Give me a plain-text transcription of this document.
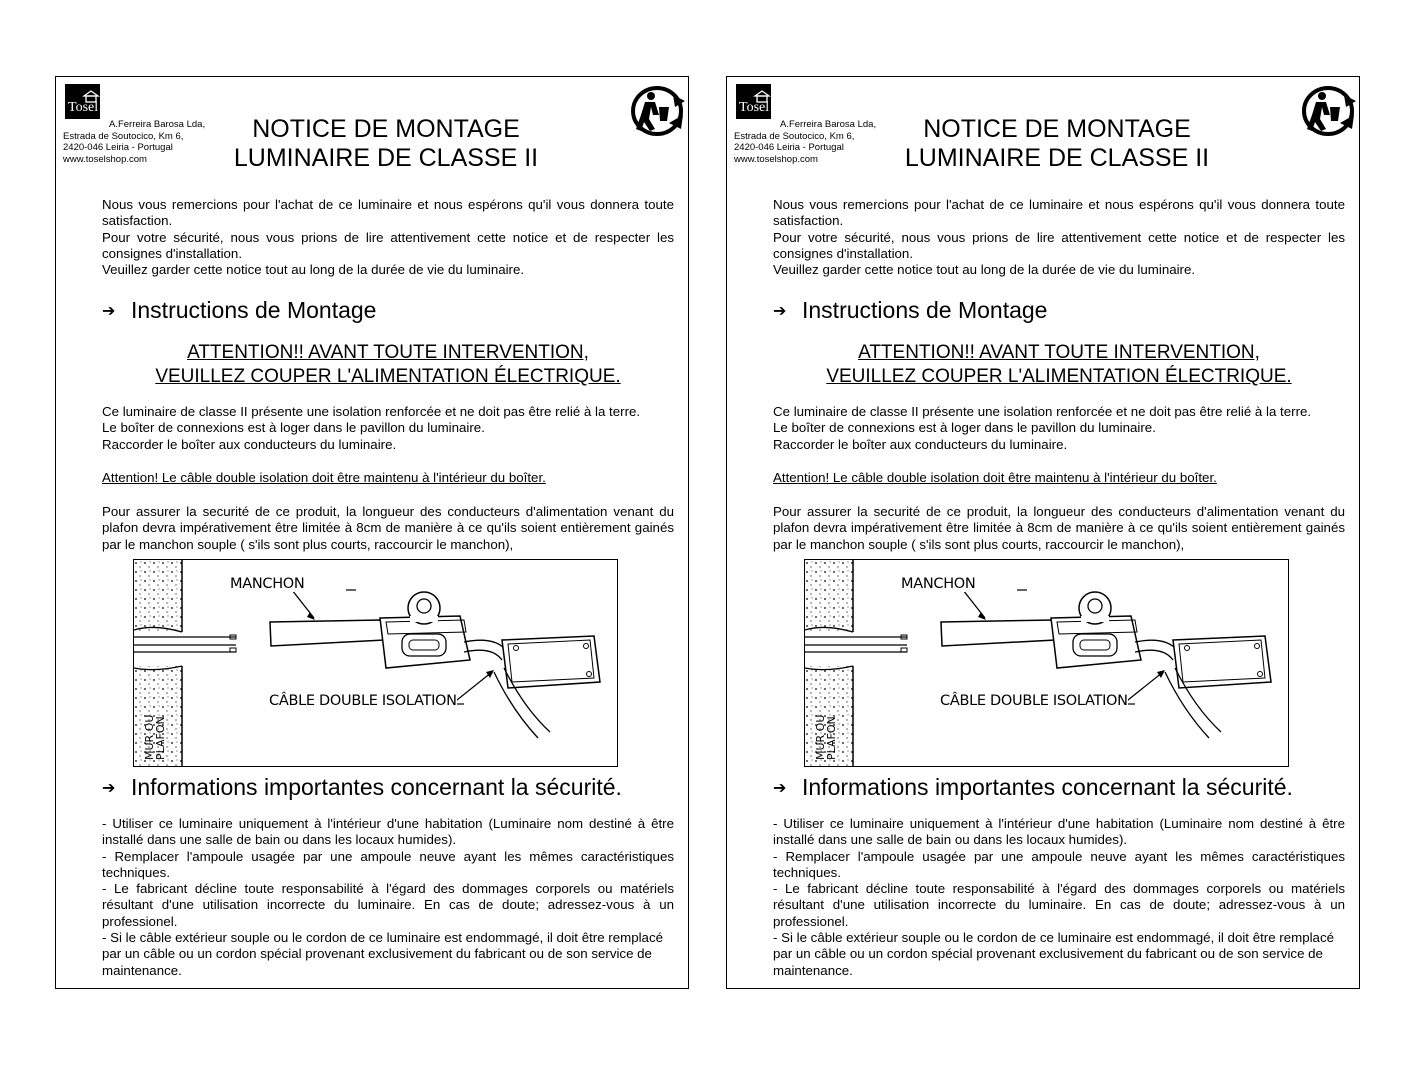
Tosel
A.Ferreira Barosa Lda,
Estrada de Soutocico, Km 6,
2420-046 Leiria - Portugal
www.toselshop.com
NOTICE DE MONTAGE
LUMINAIRE DE CLASSE II
Nous vous remercions pour l'achat de ce luminaire et nous espérons qu'il vous donnera toute satisfaction.
Pour votre sécurité, nous vous prions de lire attentivement cette notice et de respecter les consignes d'installation.
Veuillez garder cette notice tout au long de la durée de vie du luminaire.
➔ Instructions de Montage
ATTENTION!! AVANT TOUTE INTERVENTION,
VEUILLEZ COUPER L'ALIMENTATION ÉLECTRIQUE.
Ce luminaire de classe II présente une isolation renforcée et ne doit pas être relié à la terre.
Le boîter de connexions est à loger dans le pavillon du luminaire.
Raccorder le boîter aux conducteurs du luminaire.
Attention! Le câble double isolation doit être maintenu à l'intérieur du boîter.
Pour assurer la securité de ce produit, la longueur des conducteurs d'alimentation venant du plafon devra impérativement être limitée à 8cm de manière à ce qu'ils soient entièrement gainés par le manchon souple ( s'ils sont plus courts, raccourcir le manchon),
MANCHON
CÂBLE DOUBLE ISOLATION
MUR OU
PLAFON
➔ Informations importantes concernant la sécurité.

- Utiliser ce luminaire uniquement à l'intérieur d'une habitation (Luminaire nom destiné à être installé dans une salle de bain ou dans les locaux humides).

- Remplacer l'ampoule usagée par une ampoule neuve ayant les mêmes caractéristiques techniques.

- Le fabricant décline toute responsabilité à l'égard des dommages corporels ou matériels résultant d'une utilisation incorrecte du luminaire. En cas de doute; adressez-vous à un professionel.

- Si le câble extérieur souple ou le cordon de ce luminaire est endommagé, il doit être remplacé par un câble ou un cordon spécial provenant exclusivement du fabricant ou de son service de maintenance.

Tosel
A.Ferreira Barosa Lda,
Estrada de Soutocico, Km 6,
2420-046 Leiria - Portugal
www.toselshop.com
NOTICE DE MONTAGE
LUMINAIRE DE CLASSE II
Nous vous remercions pour l'achat de ce luminaire et nous espérons qu'il vous donnera toute satisfaction.
Pour votre sécurité, nous vous prions de lire attentivement cette notice et de respecter les consignes d'installation.
Veuillez garder cette notice tout au long de la durée de vie du luminaire.
➔ Instructions de Montage
ATTENTION!! AVANT TOUTE INTERVENTION,
VEUILLEZ COUPER L'ALIMENTATION ÉLECTRIQUE.
Ce luminaire de classe II présente une isolation renforcée et ne doit pas être relié à la terre.
Le boîter de connexions est à loger dans le pavillon du luminaire.
Raccorder le boîter aux conducteurs du luminaire.
Attention! Le câble double isolation doit être maintenu à l'intérieur du boîter.
Pour assurer la securité de ce produit, la longueur des conducteurs d'alimentation venant du plafon devra impérativement être limitée à 8cm de manière à ce qu'ils soient entièrement gainés par le manchon souple ( s'ils sont plus courts, raccourcir le manchon),
MANCHON
CÂBLE DOUBLE ISOLATION
MUR OU
PLAFON
➔ Informations importantes concernant la sécurité.

- Utiliser ce luminaire uniquement à l'intérieur d'une habitation (Luminaire nom destiné à être installé dans une salle de bain ou dans les locaux humides).

- Remplacer l'ampoule usagée par une ampoule neuve ayant les mêmes caractéristiques techniques.

- Le fabricant décline toute responsabilité à l'égard des dommages corporels ou matériels résultant d'une utilisation incorrecte du luminaire. En cas de doute; adressez-vous à un professionel.

- Si le câble extérieur souple ou le cordon de ce luminaire est endommagé, il doit être remplacé par un câble ou un cordon spécial provenant exclusivement du fabricant ou de son service de maintenance.
